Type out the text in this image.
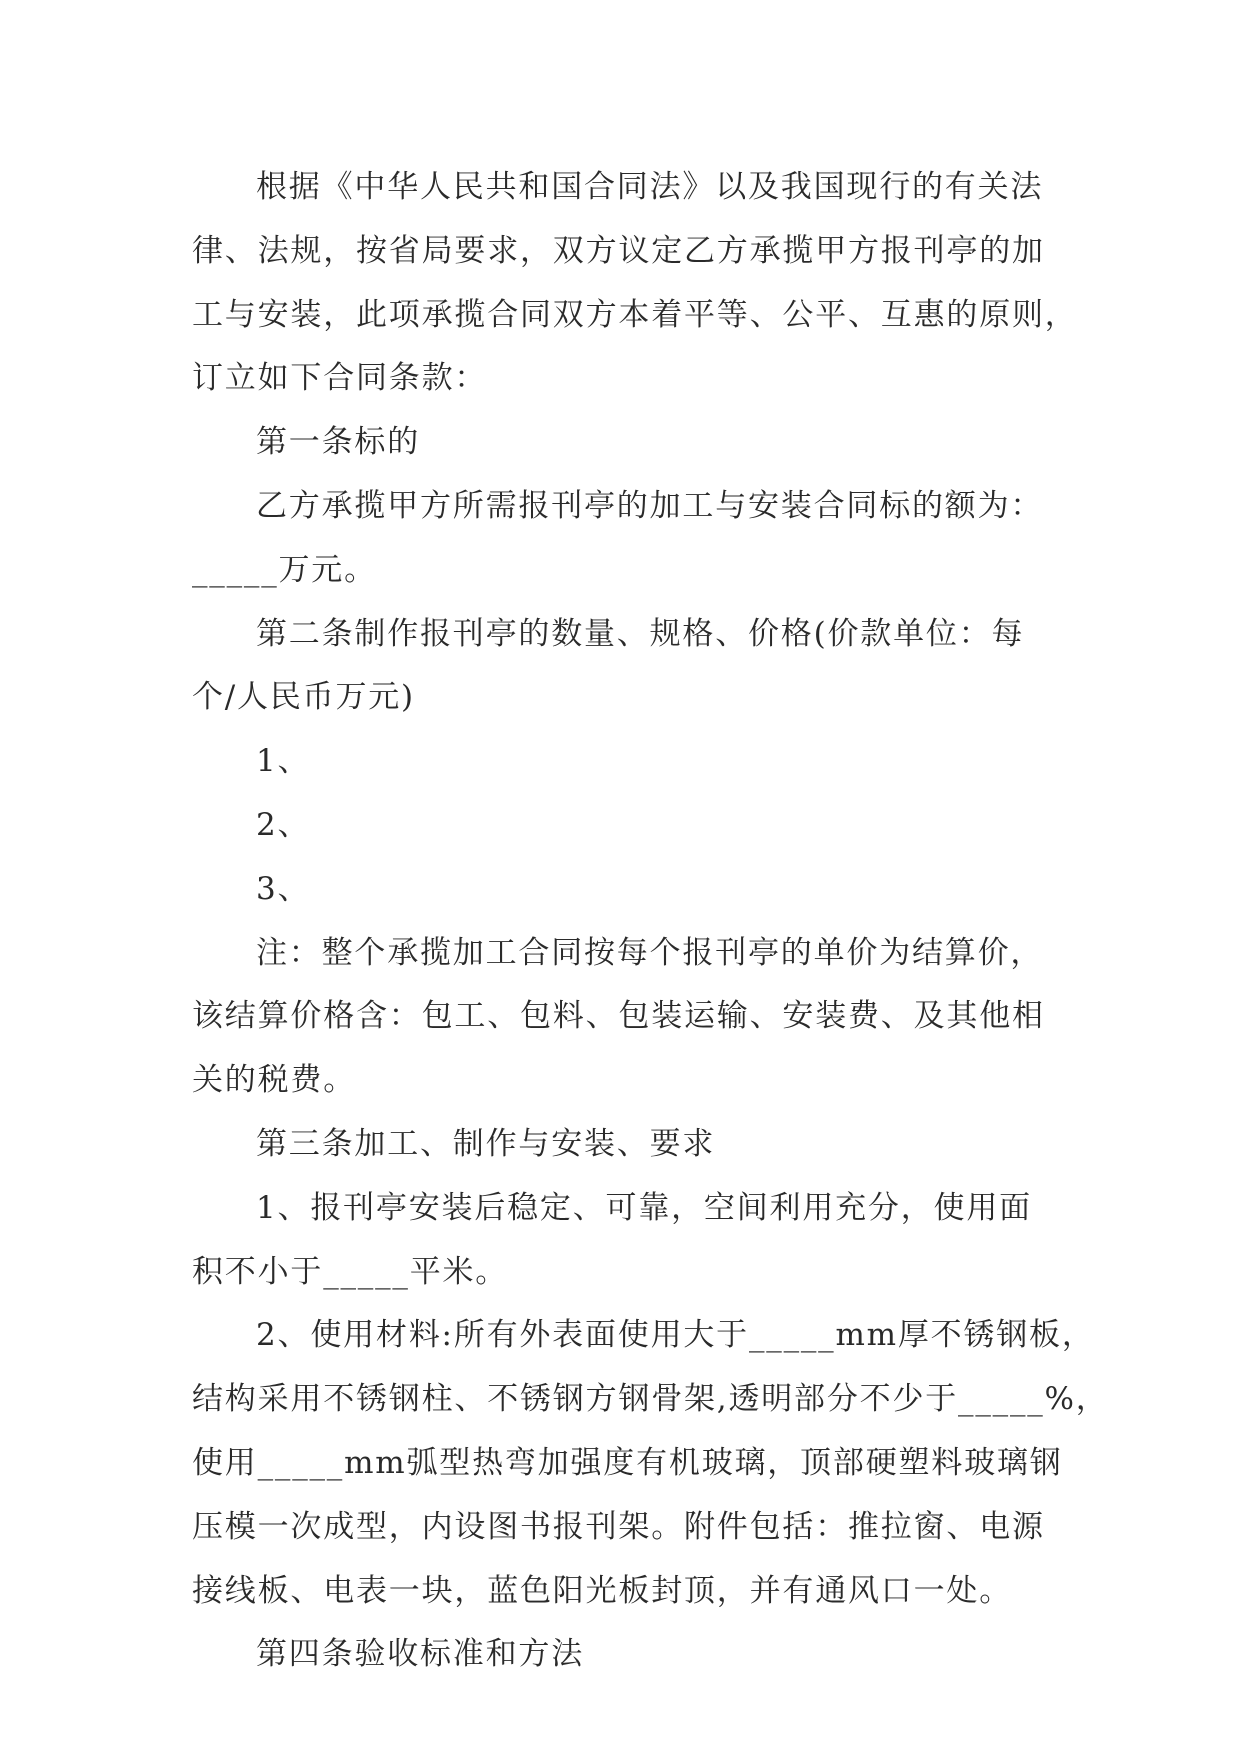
根据《中华人民共和国合同法》以及我国现行的有关法
律、法规，按省局要求，双方议定乙方承揽甲方报刊亭的加
工与安装，此项承揽合同双方本着平等、公平、互惠的原则，
订立如下合同条款：
第一条标的
乙方承揽甲方所需报刊亭的加工与安装合同标的额为：
_____万元。
第二条制作报刊亭的数量、规格、价格(价款单位：每
个/人民币万元)
1、
2、
3、
注：整个承揽加工合同按每个报刊亭的单价为结算价，
该结算价格含：包工、包料、包装运输、安装费、及其他相
关的税费。
第三条加工、制作与安装、要求
1、报刊亭安装后稳定、可靠，空间利用充分，使用面
积不小于_____平米。
2、使用材料:所有外表面使用大于_____mm厚不锈钢板，
结构采用不锈钢柱、不锈钢方钢骨架,透明部分不少于_____%，
使用_____mm弧型热弯加强度有机玻璃，顶部硬塑料玻璃钢
压模一次成型，内设图书报刊架。附件包括：推拉窗、电源
接线板、电表一块，蓝色阳光板封顶，并有通风口一处。
第四条验收标准和方法
